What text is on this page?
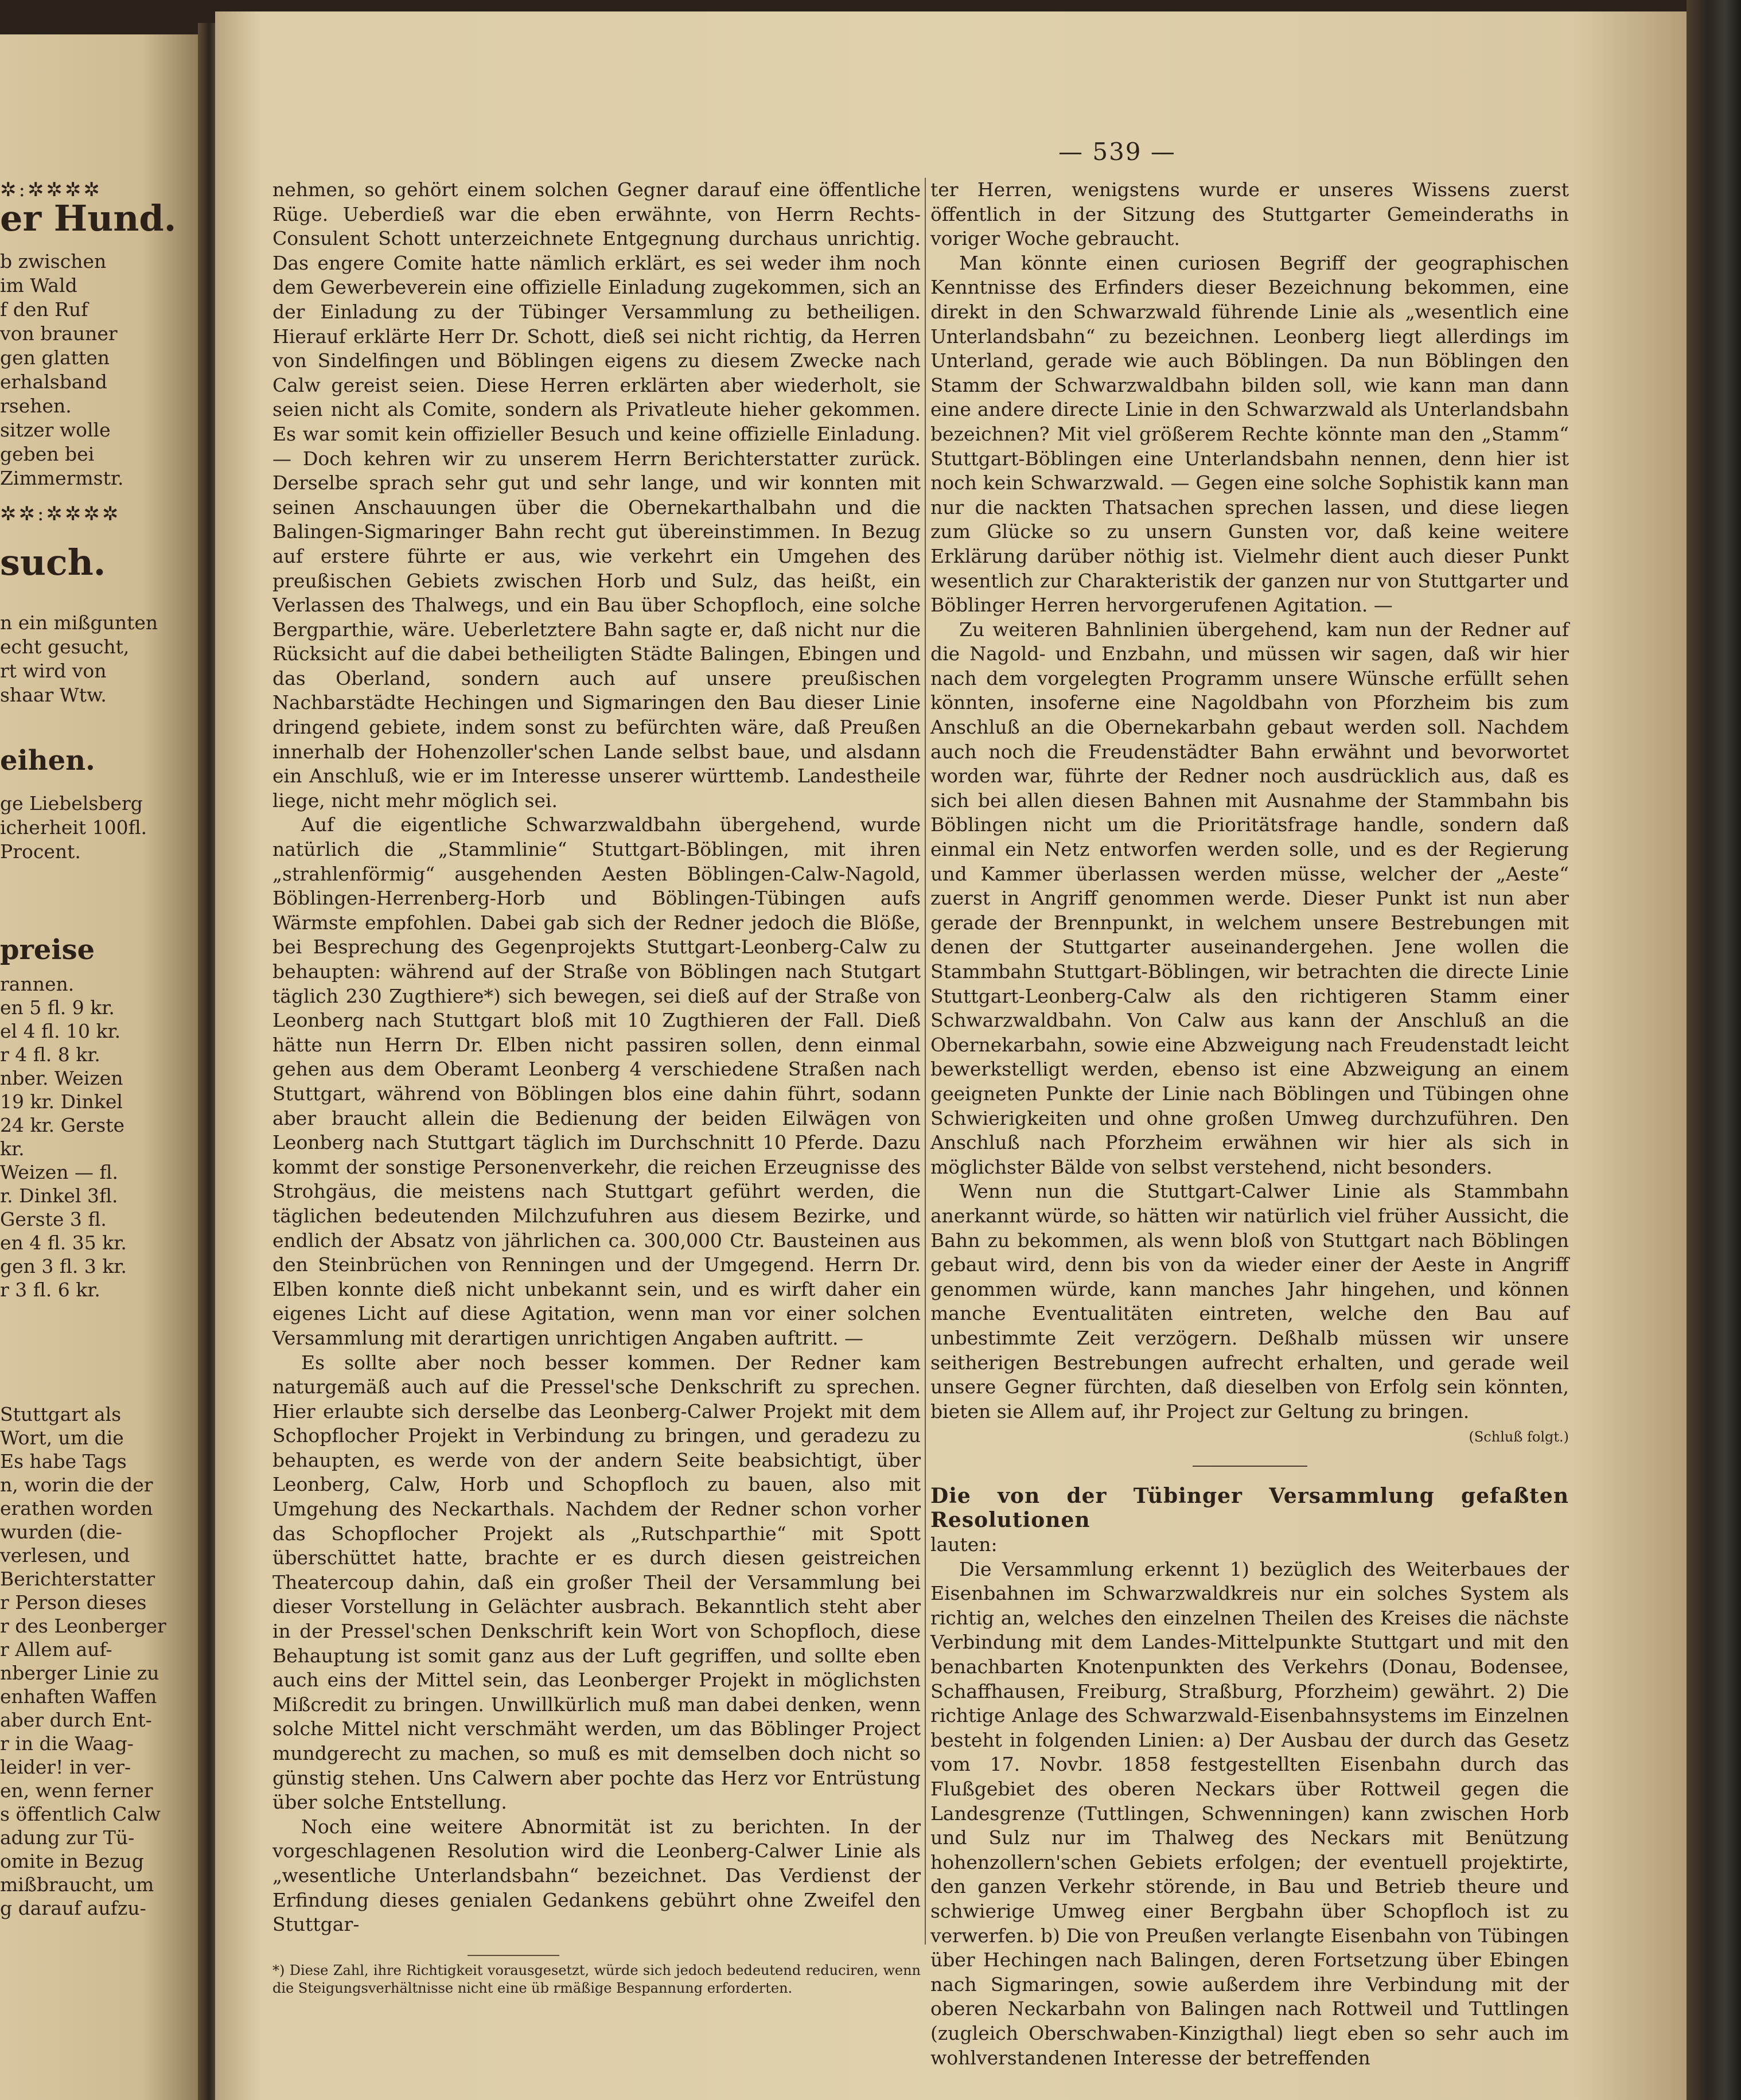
✲:✲✲✲✲
er Hund.
b zwischen
im Wald
f den Ruf
von brauner
gen glatten
erhalsband
rsehen.
sitzer wolle
geben bei
Zimmermstr.
✲✲:✲✲✲✲
such.
n ein mißgunten
echt gesucht,
rt wird von
shaar Wtw.
eihen.
ge Liebelsberg
icherheit 100fl.
Procent.
preise
rannen.
en 5 fl. 9 kr.
el 4 fl. 10 kr.
r 4 fl. 8 kr.
nber. Weizen
19 kr. Dinkel
24 kr. Gerste
kr.
Weizen — fl.
r. Dinkel 3fl.
Gerste 3 fl.
en 4 fl. 35 kr.
gen 3 fl. 3 kr.
r 3 fl. 6 kr.
Stuttgart als
Wort, um die
Es habe Tags
n, worin die der
erathen worden
wurden (die-
verlesen, und
Berichterstatter
r Person dieses
r des Leonberger
r Allem auf-
nberger Linie zu
enhaften Waffen
aber durch Ent-
r in die Waag-
leider! in ver-
en, wenn ferner
s öffentlich Calw
adung zur Tü-
omite in Bezug
mißbraucht, um
g darauf aufzu-
— 539 —

nehmen, so gehört einem solchen Gegner darauf eine öffentliche Rüge. Ueberdieß war die eben erwähnte, von Herrn Rechts-Consulent Schott unterzeichnete Entgegnung durchaus unrichtig. Das engere Comite hatte nämlich erklärt, es sei weder ihm noch dem Gewerbeverein eine offizielle Einladung zugekommen, sich an der Einladung zu der Tübinger Versammlung zu betheiligen. Hierauf erklärte Herr Dr. Schott, dieß sei nicht richtig, da Herren von Sindelfingen und Böblingen eigens zu diesem Zwecke nach Calw gereist seien. Diese Herren erklärten aber wiederholt, sie seien nicht als Comite, sondern als Privatleute hieher gekommen. Es war somit kein offizieller Besuch und keine offizielle Einladung. — Doch kehren wir zu unserem Herrn Berichterstatter zurück. Derselbe sprach sehr gut und sehr lange, und wir konnten mit seinen Anschauungen über die Obernekarthalbahn und die Balingen-Sigmaringer Bahn recht gut übereinstimmen. In Bezug auf erstere führte er aus, wie verkehrt ein Umgehen des preußischen Gebiets zwischen Horb und Sulz, das heißt, ein Verlassen des Thalwegs, und ein Bau über Schopfloch, eine solche Bergparthie, wäre. Ueberletztere Bahn sagte er, daß nicht nur die Rücksicht auf die dabei betheiligten Städte Balingen, Ebingen und das Oberland, sondern auch auf unsere preußischen Nachbarstädte Hechingen und Sigmaringen den Bau dieser Linie dringend gebiete, indem sonst zu befürchten wäre, daß Preußen innerhalb der Hohenzoller'schen Lande selbst baue, und alsdann ein Anschluß, wie er im Interesse unserer württemb. Landestheile liege, nicht mehr möglich sei.

Auf die eigentliche Schwarzwaldbahn übergehend, wurde natürlich die „Stammlinie“ Stuttgart-Böblingen, mit ihren „strahlenförmig“ ausgehenden Aesten Böblingen-Calw-Nagold, Böblingen-Herrenberg-Horb und Böblingen-Tübingen aufs Wärmste empfohlen. Dabei gab sich der Redner jedoch die Blöße, bei Besprechung des Gegenprojekts Stuttgart-Leonberg-Calw zu behaupten: während auf der Straße von Böblingen nach Stutgart täglich 230 Zugthiere*) sich bewegen, sei dieß auf der Straße von Leonberg nach Stuttgart bloß mit 10 Zugthieren der Fall. Dieß hätte nun Herrn Dr. Elben nicht passiren sollen, denn einmal gehen aus dem Oberamt Leonberg 4 verschiedene Straßen nach Stuttgart, während von Böblingen blos eine dahin führt, sodann aber braucht allein die Bedienung der beiden Eilwägen von Leonberg nach Stuttgart täglich im Durchschnitt 10 Pferde. Dazu kommt der sonstige Personenverkehr, die reichen Erzeugnisse des Strohgäus, die meistens nach Stuttgart geführt werden, die täglichen bedeutenden Milchzufuhren aus diesem Bezirke, und endlich der Absatz von jährlichen ca. 300,000 Ctr. Bausteinen aus den Steinbrüchen von Renningen und der Umgegend. Herrn Dr. Elben konnte dieß nicht unbekannt sein, und es wirft daher ein eigenes Licht auf diese Agitation, wenn man vor einer solchen Versammlung mit derartigen unrichtigen Angaben auftritt. —

Es sollte aber noch besser kommen. Der Redner kam naturgemäß auch auf die Pressel'sche Denkschrift zu sprechen. Hier erlaubte sich derselbe das Leonberg-Calwer Projekt mit dem Schopflocher Projekt in Verbindung zu bringen, und geradezu zu behaupten, es werde von der andern Seite beabsichtigt, über Leonberg, Calw, Horb und Schopfloch zu bauen, also mit Umgehung des Neckarthals. Nachdem der Redner schon vorher das Schopflocher Projekt als „Rutschparthie“ mit Spott überschüttet hatte, brachte er es durch diesen geistreichen Theatercoup dahin, daß ein großer Theil der Versammlung bei dieser Vorstellung in Gelächter ausbrach. Bekanntlich steht aber in der Pressel'schen Denkschrift kein Wort von Schopfloch, diese Behauptung ist somit ganz aus der Luft gegriffen, und sollte eben auch eins der Mittel sein, das Leonberger Projekt in möglichsten Mißcredit zu bringen. Unwillkürlich muß man dabei denken, wenn solche Mittel nicht verschmäht werden, um das Böblinger Project mundgerecht zu machen, so muß es mit demselben doch nicht so günstig stehen. Uns Calwern aber pochte das Herz vor Entrüstung über solche Entstellung.

Noch eine weitere Abnormität ist zu berichten. In der vorgeschlagenen Resolution wird die Leonberg-Calwer Linie als „wesentliche Unterlandsbahn“ bezeichnet. Das Verdienst der Erfindung dieses genialen Gedankens gebührt ohne Zweifel den Stuttgar-

ter Herren, wenigstens wurde er unseres Wissens zuerst öffentlich in der Sitzung des Stuttgarter Gemeinderaths in voriger Woche gebraucht.

Man könnte einen curiosen Begriff der geographischen Kenntnisse des Erfinders dieser Bezeichnung bekommen, eine direkt in den Schwarzwald führende Linie als „wesentlich eine Unterlandsbahn“ zu bezeichnen. Leonberg liegt allerdings im Unterland, gerade wie auch Böblingen. Da nun Böblingen den Stamm der Schwarzwaldbahn bilden soll, wie kann man dann eine andere directe Linie in den Schwarzwald als Unterlandsbahn bezeichnen? Mit viel größerem Rechte könnte man den „Stamm“ Stuttgart-Böblingen eine Unterlandsbahn nennen, denn hier ist noch kein Schwarzwald. — Gegen eine solche Sophistik kann man nur die nackten Thatsachen sprechen lassen, und diese liegen zum Glücke so zu unsern Gunsten vor, daß keine weitere Erklärung darüber nöthig ist. Vielmehr dient auch dieser Punkt wesentlich zur Charakteristik der ganzen nur von Stuttgarter und Böblinger Herren hervorgerufenen Agitation. —

Zu weiteren Bahnlinien übergehend, kam nun der Redner auf die Nagold- und Enzbahn, und müssen wir sagen, daß wir hier nach dem vorgelegten Programm unsere Wünsche erfüllt sehen könnten, insoferne eine Nagoldbahn von Pforzheim bis zum Anschluß an die Obernekarbahn gebaut werden soll. Nachdem auch noch die Freudenstädter Bahn erwähnt und bevorwortet worden war, führte der Redner noch ausdrücklich aus, daß es sich bei allen diesen Bahnen mit Ausnahme der Stammbahn bis Böblingen nicht um die Prioritätsfrage handle, sondern daß einmal ein Netz entworfen werden solle, und es der Regierung und Kammer überlassen werden müsse, welcher der „Aeste“ zuerst in Angriff genommen werde. Dieser Punkt ist nun aber gerade der Brennpunkt, in welchem unsere Bestrebungen mit denen der Stuttgarter auseinandergehen. Jene wollen die Stammbahn Stuttgart-Böblingen, wir betrachten die directe Linie Stuttgart-Leonberg-Calw als den richtigeren Stamm einer Schwarzwaldbahn. Von Calw aus kann der Anschluß an die Obernekarbahn, sowie eine Abzweigung nach Freudenstadt leicht bewerkstelligt werden, ebenso ist eine Abzweigung an einem geeigneten Punkte der Linie nach Böblingen und Tübingen ohne Schwierigkeiten und ohne großen Umweg durchzuführen. Den Anschluß nach Pforzheim erwähnen wir hier als sich in möglichster Bälde von selbst verstehend, nicht besonders.

Wenn nun die Stuttgart-Calwer Linie als Stammbahn anerkannt würde, so hätten wir natürlich viel früher Aussicht, die Bahn zu bekommen, als wenn bloß von Stuttgart nach Böblingen gebaut wird, denn bis von da wieder einer der Aeste in Angriff genommen würde, kann manches Jahr hingehen, und können manche Eventualitäten eintreten, welche den Bau auf unbestimmte Zeit verzögern. Deßhalb müssen wir unsere seitherigen Bestrebungen aufrecht erhalten, und gerade weil unsere Gegner fürchten, daß dieselben von Erfolg sein könnten, bieten sie Allem auf, ihr Project zur Geltung zu bringen.

(Schluß folgt.)
Die von der Tübinger Versammlung gefaßten Resolutionen
lauten:

Die Versammlung erkennt 1) bezüglich des Weiterbaues der Eisenbahnen im Schwarzwaldkreis nur ein solches System als richtig an, welches den einzelnen Theilen des Kreises die nächste Verbindung mit dem Landes-Mittelpunkte Stuttgart und mit den benachbarten Knotenpunkten des Verkehrs (Donau, Bodensee, Schaffhausen, Freiburg, Straßburg, Pforzheim) gewährt. 2) Die richtige Anlage des Schwarzwald-Eisenbahnsystems im Einzelnen besteht in folgenden Linien: a) Der Ausbau der durch das Gesetz vom 17. Novbr. 1858 festgestellten Eisenbahn durch das Flußgebiet des oberen Neckars über Rottweil gegen die Landesgrenze (Tuttlingen, Schwenningen) kann zwischen Horb und Sulz nur im Thalweg des Neckars mit Benützung hohenzollern'schen Gebiets erfolgen; der eventuell projektirte, den ganzen Verkehr störende, in Bau und Betrieb theure und schwierige Umweg einer Bergbahn über Schopfloch ist zu verwerfen. b) Die von Preußen verlangte Eisenbahn von Tübingen über Hechingen nach Balingen, deren Fortsetzung über Ebingen nach Sigmaringen, sowie außerdem ihre Verbindung mit der oberen Neckarbahn von Balingen nach Rottweil und Tuttlingen (zugleich Oberschwaben-Kinzigthal) liegt eben so sehr auch im wohlverstandenen Interesse der betreffenden

*) Diese Zahl, ihre Richtigkeit vorausgesetzt, würde sich jedoch bedeutend reduciren, wenn die Steigungsverhältnisse nicht eine üb rmäßige Bespannung erforderten.
